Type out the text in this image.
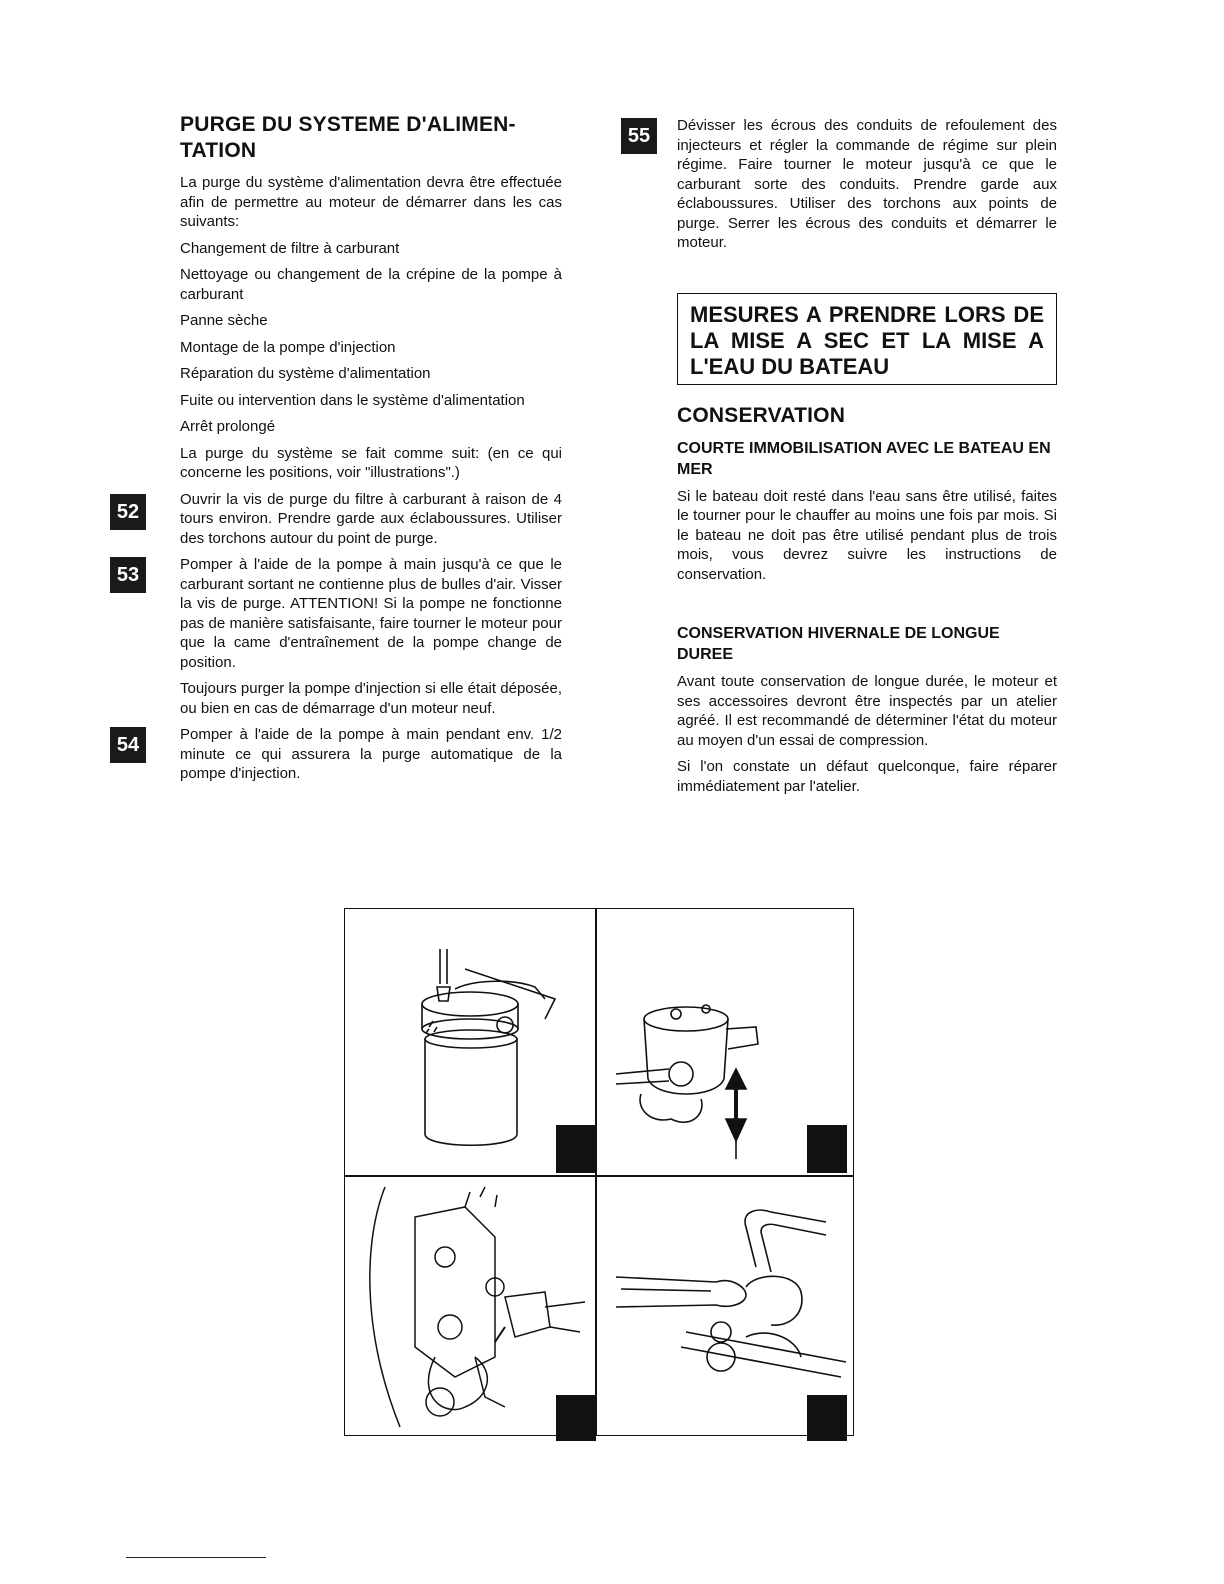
PURGE DU SYSTEME D'ALIMEN-TATION

La purge du système d'alimentation devra être effectuée afin de permettre au moteur de démarrer dans les cas suivants:

Changement de filtre à carburant

Nettoyage ou changement de la crépine de la pompe à carburant

Panne sèche

Montage de la pompe d'injection

Réparation du système d'alimentation

Fuite ou intervention dans le système d'alimentation

Arrêt prolongé

La purge du système se fait comme suit: (en ce qui concerne les positions, voir "illustrations".)

52

Ouvrir la vis de purge du filtre à carburant à raison de 4 tours environ. Prendre garde aux éclaboussures. Utiliser des torchons autour du point de purge.

53	Pomper à l'aide de la pompe à main jusqu'à ce que le carburant sortant ne contienne plus de bulles d'air. Visser la vis de purge. ATTENTION! Si la pompe ne fonctionne pas de manière satisfaisante, faire tourner le moteur pour que la came d'entraînement de la pompe change de position.

Toujours purger la pompe d'injection si elle était déposée, ou bien en cas de démarrage d'un moteur neuf.

54	Pomper à l'aide de la pompe à main pendant env. 1/2 minute ce qui assurera la purge automatique de la pompe d'injection.

55	Dévisser les écrous des conduits de refoulement des injecteurs et régler la commande de régime sur plein régime. Faire tourner le moteur jusqu'à ce que le carburant sorte des conduits. Prendre garde aux éclaboussures. Utiliser des torchons aux points de purge. Serrer les écrous des conduits et démarrer le moteur.

MESURES A PRENDRE LORS DE LA MISE A SEC ET LA MISE A L'EAU DU BATEAU

CONSERVATION
COURTE IMMOBILISATION AVEC LE BATEAU EN MER

Si le bateau doit resté dans l'eau sans être utilisé, faites le tourner pour le chauffer au moins une fois par mois. Si le bateau ne doit pas être utilisé pendant plus de trois mois, vous devrez suivre les instructions de conservation.

CONSERVATION HIVERNALE DE LONGUE DUREE

Avant toute conservation de longue durée, le moteur et ses accessoires devront être inspectés par un atelier agréé. Il est recommandé de déterminer l'état du moteur au moyen d'un essai de compression.

Si l'on constate un défaut quelconque, faire réparer immédiatement par l'atelier.
